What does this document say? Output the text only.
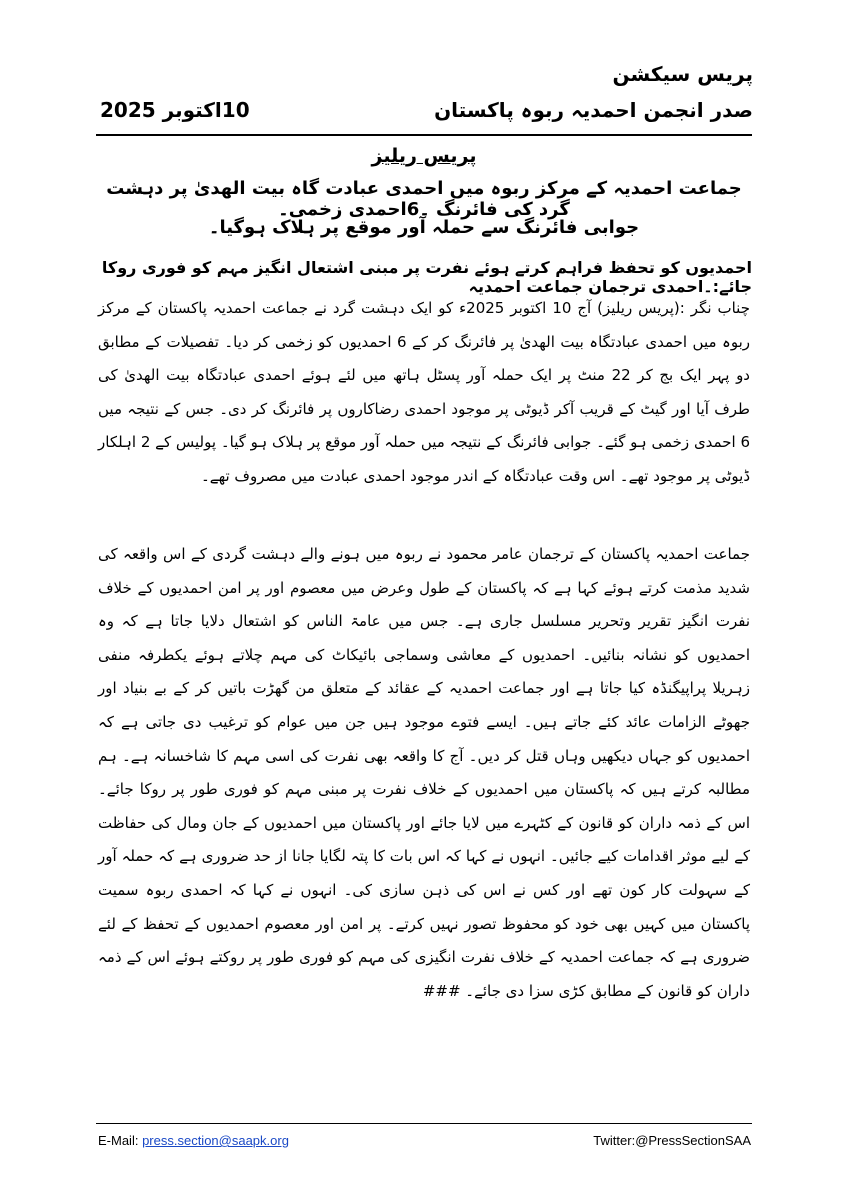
پریس سیکشن
صدر انجمن احمدیہ ربوہ پاکستان
10اکتوبر 2025
پریس ریلیز
جماعت احمدیہ کے مرکز ربوہ میں احمدی عبادت گاہ بیت الھدیٰ پر دہشت گرد کی فائرنگ ۔6احمدی زخمی۔
جوابی فائرنگ سے حملہ آور موقع پر ہلاک ہوگیا۔
احمدیوں کو تحفظ فراہم کرتے ہوئے نفرت پر مبنی اشتعال انگیز مہم کو فوری روکا جائے:۔احمدی ترجمان جماعت احمدیہ

چناب نگر :(پریس ریلیز) آج 10 اکتوبر 2025ء کو ایک دہشت گرد نے جماعت احمدیہ پاکستان کے مرکز ربوہ میں احمدی عبادتگاہ بیت الھدیٰ پر فائرنگ کر کے 6 احمدیوں کو زخمی کر دیا۔ تفصیلات کے مطابق دو پہر ایک بج کر 22 منٹ پر ایک حملہ آور پسٹل ہاتھ میں لئے ہوئے احمدی عبادتگاہ بیت الھدیٰ کی طرف آیا اور گیٹ کے قریب آکر ڈیوٹی پر موجود احمدی رضاکاروں پر فائرنگ کر دی۔ جس کے نتیجہ میں 6 احمدی زخمی ہو گئے۔ جوابی فائرنگ کے نتیجہ میں حملہ آور موقع پر ہلاک ہو گیا۔ پولیس کے 2 اہلکار ڈیوٹی پر موجود تھے۔ اس وقت عبادتگاہ کے اندر موجود احمدی عبادت میں مصروف تھے۔

جماعت احمدیہ پاکستان کے ترجمان عامر محمود نے ربوہ میں ہونے والے دہشت گردی کے اس واقعہ کی شدید مذمت کرتے ہوئے کہا ہے کہ پاکستان کے طول وعرض میں معصوم اور پر امن احمدیوں کے خلاف نفرت انگیز تقریر وتحریر مسلسل جاری ہے۔ جس میں عامۃ الناس کو اشتعال دلایا جاتا ہے کہ وہ احمدیوں کو نشانہ بنائیں۔ احمدیوں کے معاشی وسماجی بائیکاٹ کی مہم چلاتے ہوئے یکطرفہ منفی زہریلا پراپیگنڈہ کیا جاتا ہے اور جماعت احمدیہ کے عقائد کے متعلق من گھڑت باتیں کر کے بے بنیاد اور جھوٹے الزامات عائد کئے جاتے ہیں۔ ایسے فتوے موجود ہیں جن میں عوام کو ترغیب دی جاتی ہے کہ احمدیوں کو جہاں دیکھیں وہاں قتل کر دیں۔ آج کا واقعہ بھی نفرت کی اسی مہم کا شاخسانہ ہے۔ ہم مطالبہ کرتے ہیں کہ پاکستان میں احمدیوں کے خلاف نفرت پر مبنی مہم کو فوری طور پر روکا جائے۔ اس کے ذمہ داران کو قانون کے کٹہرے میں لایا جائے اور پاکستان میں احمدیوں کے جان ومال کی حفاظت کے لیے موثر اقدامات کیے جائیں۔ انہوں نے کہا کہ اس بات کا پتہ لگایا جانا از حد ضروری ہے کہ حملہ آور کے سہولت کار کون تھے اور کس نے اس کی ذہن سازی کی۔ انہوں نے کہا کہ احمدی ربوہ سمیت پاکستان میں کہیں بھی خود کو محفوظ تصور نہیں کرتے۔ پر امن اور معصوم احمدیوں کے تحفظ کے لئے ضروری ہے کہ جماعت احمدیہ کے خلاف نفرت انگیزی کی مہم کو فوری طور پر روکتے ہوئے اس کے ذمہ داران کو قانون کے مطابق کڑی سزا دی جائے۔ ###

E-Mail: press.section@saapk.org	Twitter:@PressSectionSAA
